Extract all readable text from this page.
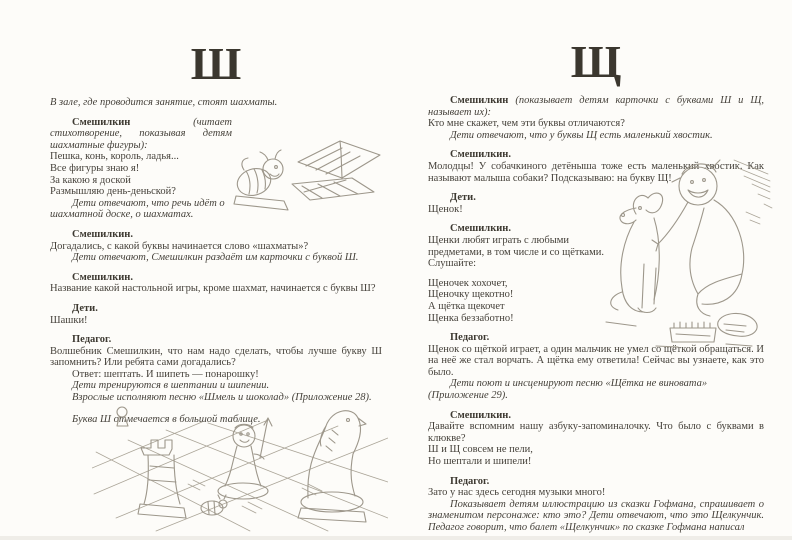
Ш

В зале, где проводится занятие, стоят шахматы.

Смешилкин (читает стихотворение, показывая детям шахматные фигуры):

Пешка, конь, король, ладья...

Все фигуры знаю я!

За какою я доской

Размышляю день-деньской?

Дети отвечают, что речь идёт о шахматной доске, о шахматах.

Смешилкин.

Догадались, с какой буквы начинается слово «шахматы»?

Дети отвечают, Смешилкин раздаёт им карточки с буквой Ш.

Смешилкин.

Название какой настольной игры, кроме шахмат, начинается с буквы Ш?

Дети.

Шашки!

Педагог.

Волшебник Смешилкин, что нам надо сделать, чтобы лучше букву Ш запомнить? Или ребята сами догадались?

Ответ: шептать. И шипеть — понарошку!

Дети тренируются в шептании и шипении.

Взрослые исполняют песню «Шмель и шоколад» (Приложение 28).

Буква Ш отмечается в большой таблице.

Щ

Смешилкин (показывает детям карточки с буквами Ш и Щ, называет их):

Кто мне скажет, чем эти буквы отличаются?

Дети отвечают, что у буквы Щ есть маленький хвостик.

Смешилкин.

Молодцы! У собачкиного детёныша тоже есть маленький хвостик. Как называют малыша собаки? Подсказываю: на букву Щ!

Дети.

Щенок!

Смешилкин.

Щенки любят играть с любыми предметами, в том числе и со щётками. Слушайте:

Щеночек хохочет,

Щеночку щекотно!

А щётка щекочет

Щенка беззаботно!

Педагог.

Щенок со щёткой играет, а один мальчик не умел со щёткой обращаться. И на неё же стал ворчать. А щётка ему ответила! Сейчас вы узнаете, как это было.

Дети поют и инсценируют песню «Щётка не виновата» (Приложение 29).

Смешилкин.

Давайте вспомним нашу азбуку-запоминалочку. Что было с буквами в клюкве?

Ш и Щ совсем не пели,

Но шептали и шипели!

Педагог.

Зато у нас здесь сегодня музыки много!

Показывает детям иллюстрацию из сказки Гофмана, спрашивает о знаменитом персонаже: кто это? Дети отвечают, что это Щелкунчик. Педагог говорит, что балет «Щелкунчик» по сказке Гофмана написал
